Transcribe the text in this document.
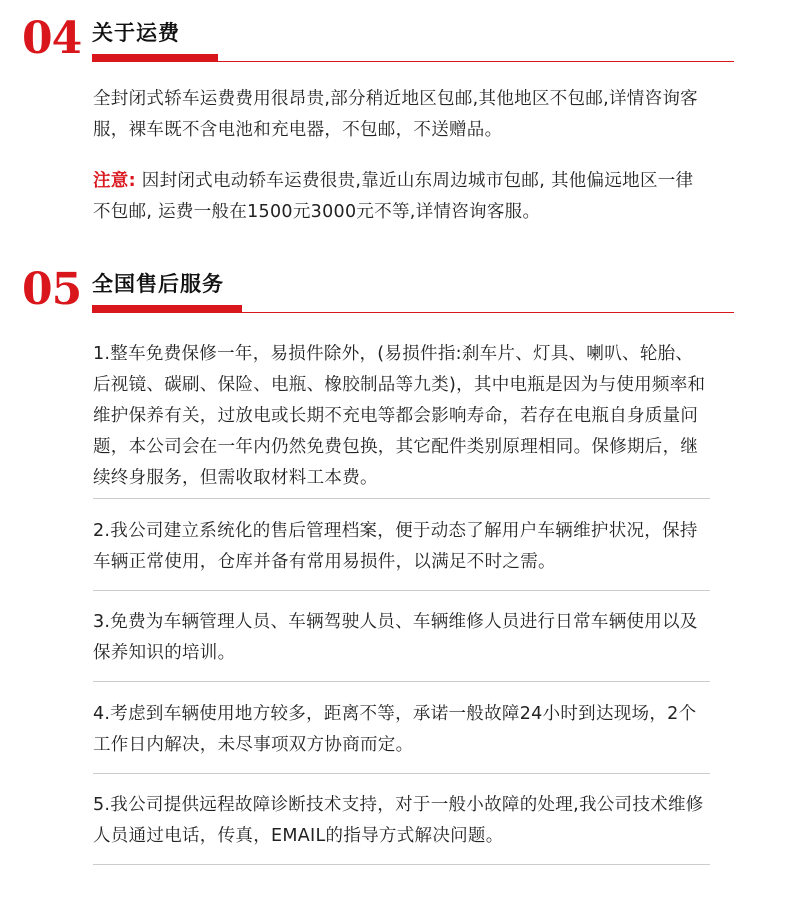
04 关于运费

全封闭式轿车运费费用很昂贵,部分稍近地区包邮,其他地区不包邮,详情咨询客服，裸车既不含电池和充电器，不包邮，不送赠品。

注意: 因封闭式电动轿车运费很贵,靠近山东周边城市包邮, 其他偏远地区一律不包邮, 运费一般在1500元3000元不等,详情咨询客服。

05 全国售后服务

1.整车免费保修一年，易损件除外，(易损件指:刹车片、灯具、喇叭、轮胎、后视镜、碳刷、保险、电瓶、橡胶制品等九类)，其中电瓶是因为与使用频率和维护保养有关，过放电或长期不充电等都会影响寿命，若存在电瓶自身质量问题，本公司会在一年内仍然免费包换，其它配件类别原理相同。保修期后，继续终身服务，但需收取材料工本费。

2.我公司建立系统化的售后管理档案，便于动态了解用户车辆维护状况，保持车辆正常使用，仓库并备有常用易损件，以满足不时之需。

3.免费为车辆管理人员、车辆驾驶人员、车辆维修人员进行日常车辆使用以及保养知识的培训。

4.考虑到车辆使用地方较多，距离不等，承诺一般故障24小时到达现场，2个工作日内解决，未尽事项双方协商而定。

5.我公司提供远程故障诊断技术支持，对于一般小故障的处理,我公司技术维修人员通过电话，传真，EMAIL的指导方式解决问题。
